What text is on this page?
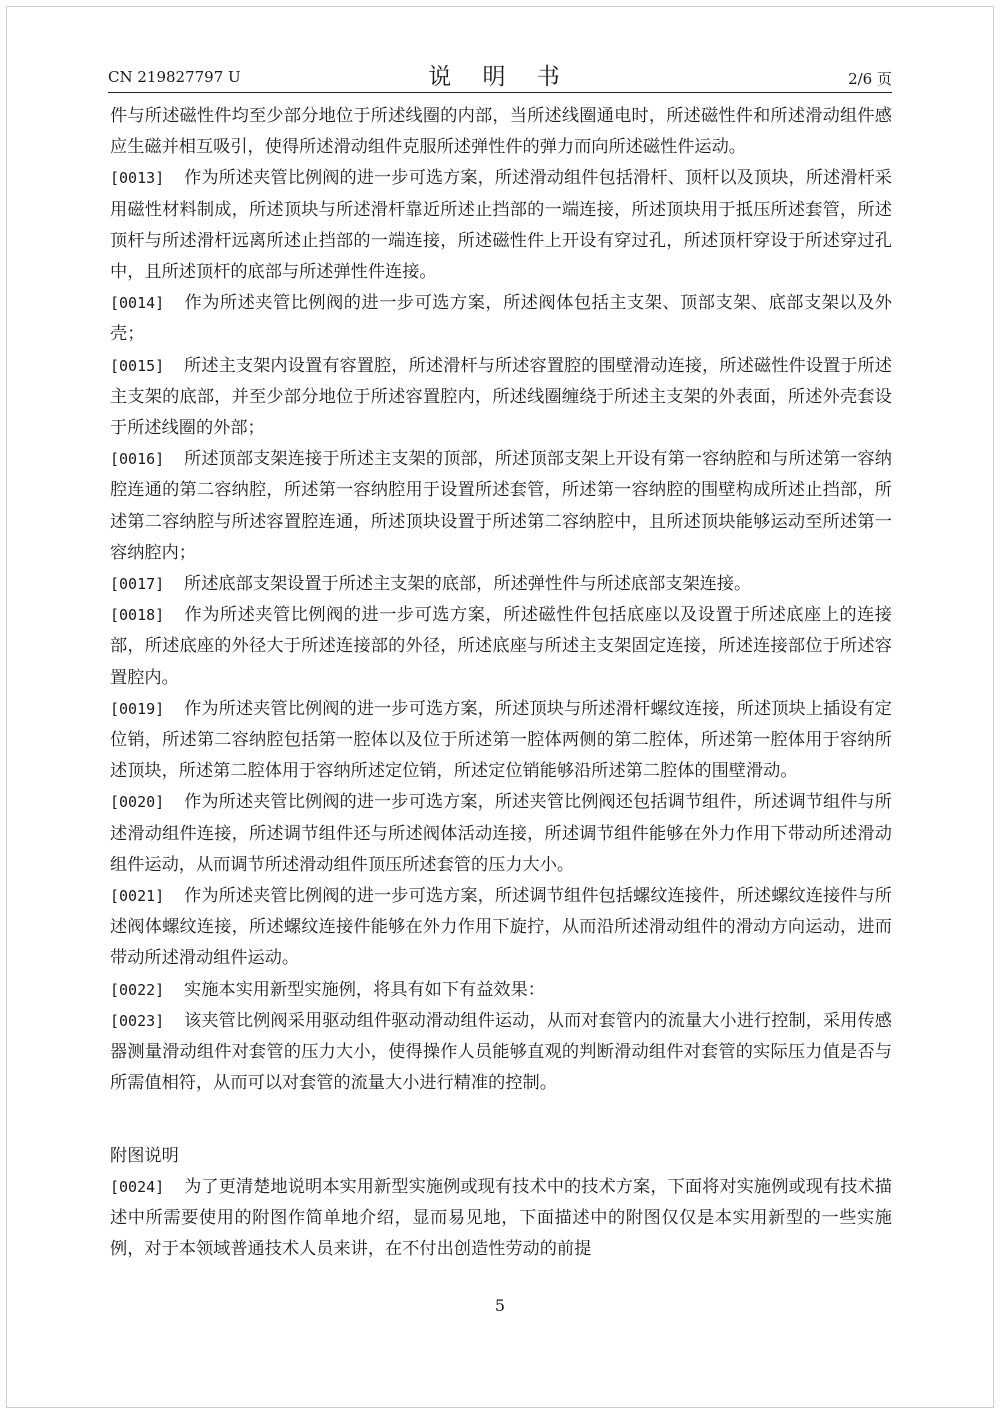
CN 219827797 U	说 明 书	2/6 页

件与所述磁性件均至少部分地位于所述线圈的内部，当所述线圈通电时，所述磁性件和所述滑动组件感应生磁并相互吸引，使得所述滑动组件克服所述弹性件的弹力而向所述磁性件运动。

[0013] 作为所述夹管比例阀的进一步可选方案，所述滑动组件包括滑杆、顶杆以及顶块，所述滑杆采用磁性材料制成，所述顶块与所述滑杆靠近所述止挡部的一端连接，所述顶块用于抵压所述套管，所述顶杆与所述滑杆远离所述止挡部的一端连接，所述磁性件上开设有穿过孔，所述顶杆穿设于所述穿过孔中，且所述顶杆的底部与所述弹性件连接。

[0014] 作为所述夹管比例阀的进一步可选方案，所述阀体包括主支架、顶部支架、底部支架以及外壳；

[0015] 所述主支架内设置有容置腔，所述滑杆与所述容置腔的围壁滑动连接，所述磁性件设置于所述主支架的底部，并至少部分地位于所述容置腔内，所述线圈缠绕于所述主支架的外表面，所述外壳套设于所述线圈的外部；

[0016] 所述顶部支架连接于所述主支架的顶部，所述顶部支架上开设有第一容纳腔和与所述第一容纳腔连通的第二容纳腔，所述第一容纳腔用于设置所述套管，所述第一容纳腔的围壁构成所述止挡部，所述第二容纳腔与所述容置腔连通，所述顶块设置于所述第二容纳腔中，且所述顶块能够运动至所述第一容纳腔内；

[0017] 所述底部支架设置于所述主支架的底部，所述弹性件与所述底部支架连接。

[0018] 作为所述夹管比例阀的进一步可选方案，所述磁性件包括底座以及设置于所述底座上的连接部，所述底座的外径大于所述连接部的外径，所述底座与所述主支架固定连接，所述连接部位于所述容置腔内。

[0019] 作为所述夹管比例阀的进一步可选方案，所述顶块与所述滑杆螺纹连接，所述顶块上插设有定位销，所述第二容纳腔包括第一腔体以及位于所述第一腔体两侧的第二腔体，所述第一腔体用于容纳所述顶块，所述第二腔体用于容纳所述定位销，所述定位销能够沿所述第二腔体的围壁滑动。

[0020] 作为所述夹管比例阀的进一步可选方案，所述夹管比例阀还包括调节组件，所述调节组件与所述滑动组件连接，所述调节组件还与所述阀体活动连接，所述调节组件能够在外力作用下带动所述滑动组件运动，从而调节所述滑动组件顶压所述套管的压力大小。

[0021] 作为所述夹管比例阀的进一步可选方案，所述调节组件包括螺纹连接件，所述螺纹连接件与所述阀体螺纹连接，所述螺纹连接件能够在外力作用下旋拧，从而沿所述滑动组件的滑动方向运动，进而带动所述滑动组件运动。

[0022] 实施本实用新型实施例，将具有如下有益效果：

[0023] 该夹管比例阀采用驱动组件驱动滑动组件运动，从而对套管内的流量大小进行控制，采用传感器测量滑动组件对套管的压力大小，使得操作人员能够直观的判断滑动组件对套管的实际压力值是否与所需值相符，从而可以对套管的流量大小进行精准的控制。

附图说明

[0024] 为了更清楚地说明本实用新型实施例或现有技术中的技术方案，下面将对实施例或现有技术描述中所需要使用的附图作简单地介绍，显而易见地，下面描述中的附图仅仅是本实用新型的一些实施例，对于本领域普通技术人员来讲，在不付出创造性劳动的前提

5
